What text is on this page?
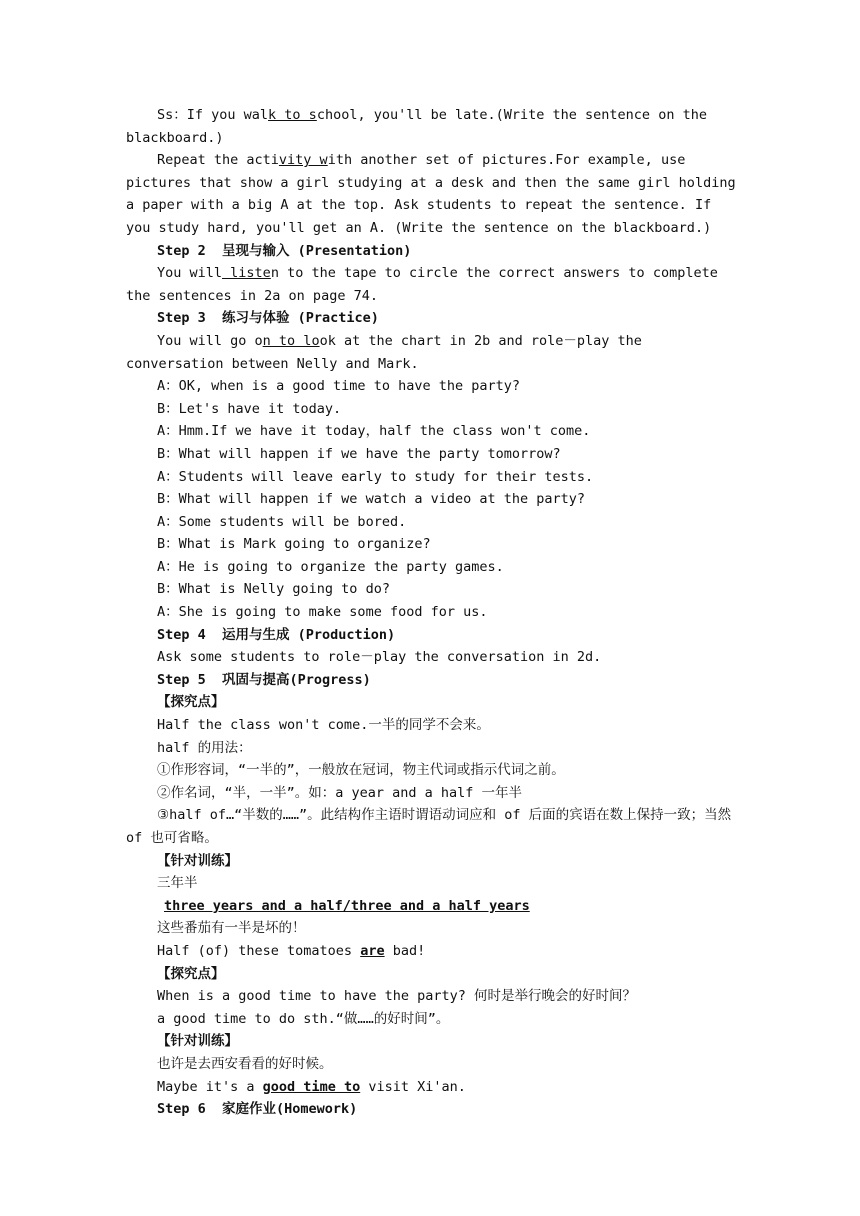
Ss：If you walk to school, you'll be late.(Write the sentence on the blackboard.)
Repeat the activity with another set of pictures.For example, use pictures that show a girl studying at a desk and then the same girl holding a paper with a big A at the top. Ask students to repeat the sentence. If you study hard, you'll get an A. (Write the sentence on the blackboard.)
Step 2  呈现与输入 (Presentation)
You will listen to the tape to circle the correct answers to complete the sentences in 2a on page 74.
Step 3  练习与体验 (Practice)
You will go on to look at the chart in 2b and role－play the conversation between Nelly and Mark.
A：OK, when is a good time to have the party?
B：Let's have it today.
A：Hmm.If we have it today，half the class won't come.
B：What will happen if we have the party tomorrow?
A：Students will leave early to study for their tests.
B：What will happen if we watch a video at the party?
A：Some students will be bored.
B：What is Mark going to organize?
A：He is going to organize the party games.
B：What is Nelly going to do?
A：She is going to make some food for us.
Step 4  运用与生成 (Production)
Ask some students to role－play the conversation in 2d.
Step 5  巩固与提高(Progress)
【探究点】
Half the class won't come.一半的同学不会来。
half 的用法：
①作形容词，“一半的”，一般放在冠词，物主代词或指示代词之前。
②作名词，“半，一半”。如：a year and a half 一年半
③half of…“半数的……”。此结构作主语时谓语动词应和 of 后面的宾语在数上保持一致；当然 of 也可省略。
【针对训练】
三年半
three years and a half/three and a half years
这些番茄有一半是坏的！
Half (of) these tomatoes are bad!
【探究点】
When is a good time to have the party? 何时是举行晚会的好时间？
a good time to do sth.“做……的好时间”。
【针对训练】
也许是去西安看看的好时候。
Maybe it's a good time to visit Xi'an.
Step 6  家庭作业(Homework)
